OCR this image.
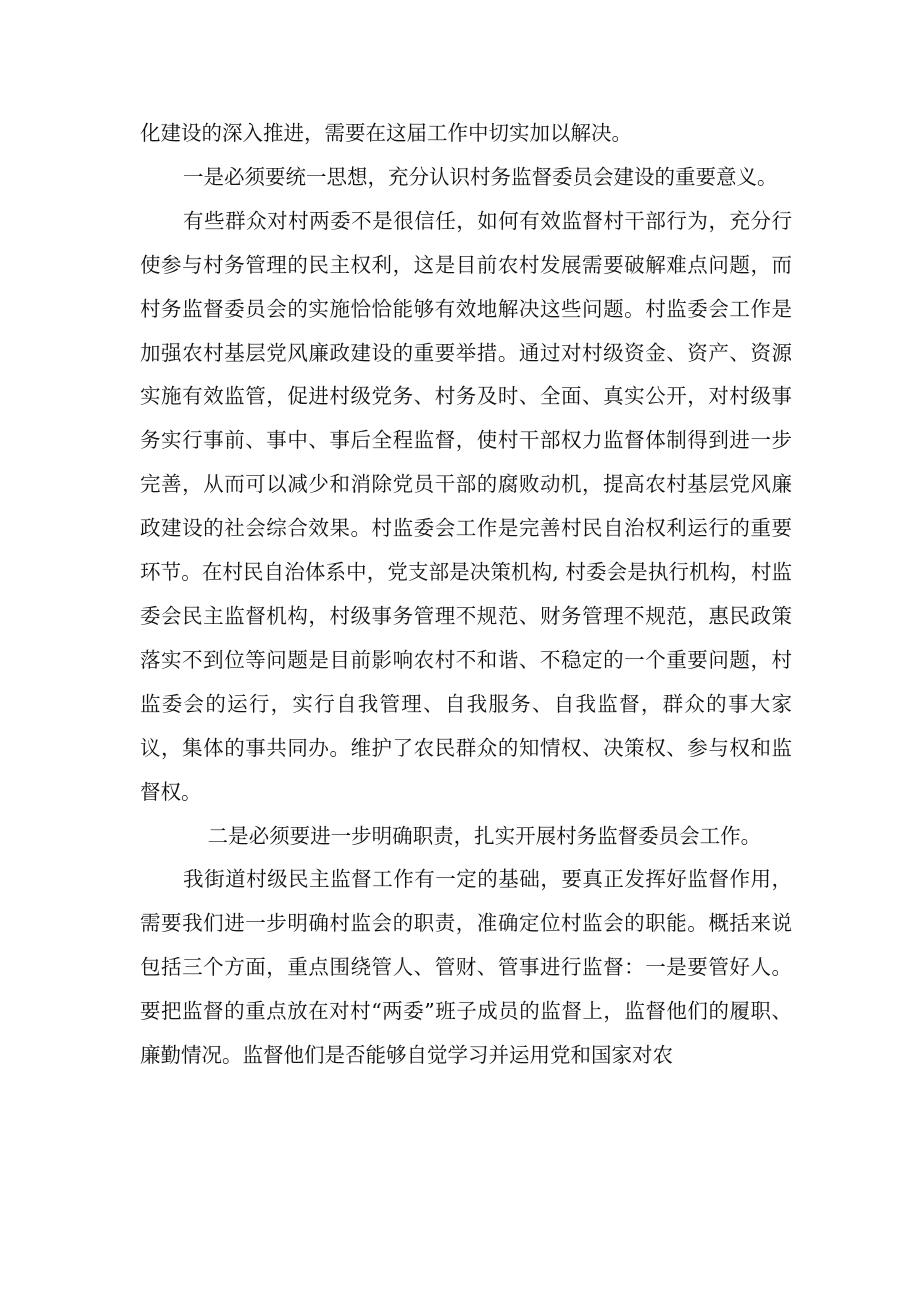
化建设的深入推进，需要在这届工作中切实加以解决。

一是必须要统一思想，充分认识村务监督委员会建设的重要意义。

有些群众对村两委不是很信任，如何有效监督村干部行为，充分行使参与村务管理的民主权利，这是目前农村发展需要破解难点问题，而村务监督委员会的实施恰恰能够有效地解决这些问题。村监委会工作是加强农村基层党风廉政建设的重要举措。通过对村级资金、资产、资源实施有效监管，促进村级党务、村务及时、全面、真实公开，对村级事务实行事前、事中、事后全程监督，使村干部权力监督体制得到进一步完善，从而可以减少和消除党员干部的腐败动机，提高农村基层党风廉政建设的社会综合效果。村监委会工作是完善村民自治权利运行的重要环节。在村民自治体系中，党支部是决策机构, 村委会是执行机构，村监委会民主监督机构，村级事务管理不规范、财务管理不规范，惠民政策落实不到位等问题是目前影响农村不和谐、不稳定的一个重要问题，村监委会的运行，实行自我管理、自我服务、自我监督，群众的事大家议，集体的事共同办。维护了农民群众的知情权、决策权、参与权和监督权。

二是必须要进一步明确职责，扎实开展村务监督委员会工作。

我街道村级民主监督工作有一定的基础，要真正发挥好监督作用，需要我们进一步明确村监会的职责，准确定位村监会的职能。概括来说包括三个方面，重点围绕管人、管财、管事进行监督：一是要管好人。要把监督的重点放在对村“两委”班子成员的监督上，监督他们的履职、廉勤情况。监督他们是否能够自觉学习并运用党和国家对农
